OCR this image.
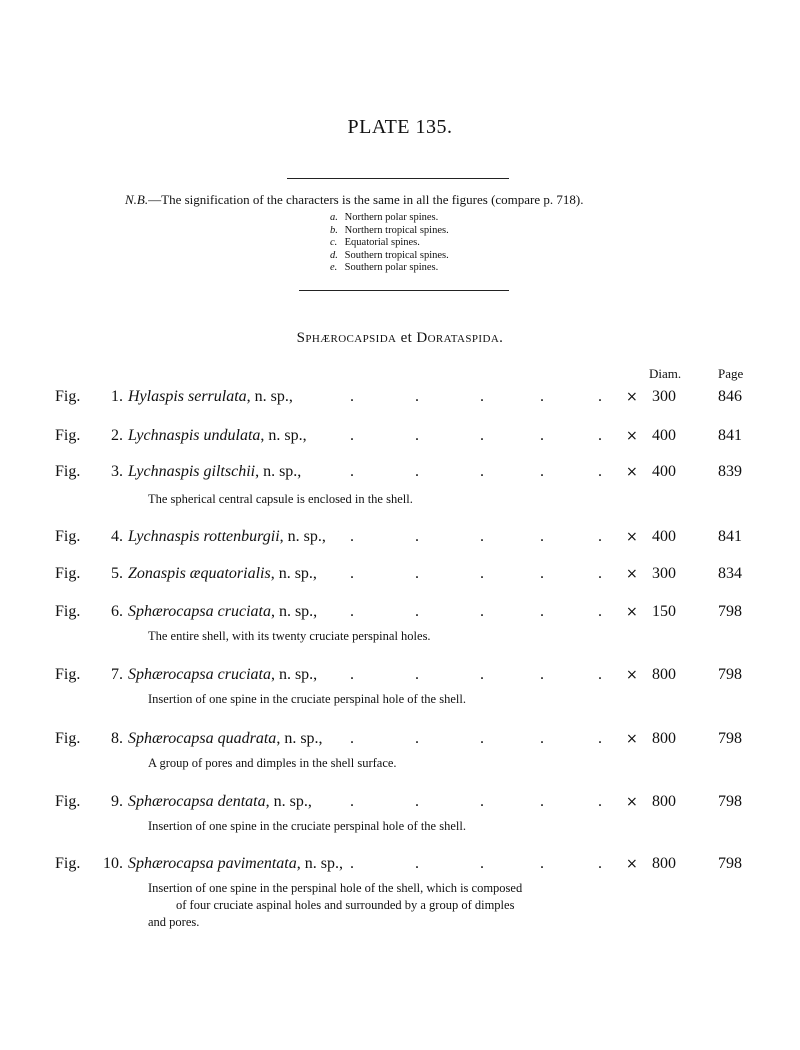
PLATE 135.
N.B.—The signification of the characters is the same in all the figures (compare p. 718).
a. Northern polar spines.
b. Northern tropical spines.
c. Equatorial spines.
d. Southern tropical spines.
e. Southern polar spines.
Sphærocapsida et Dorataspida.
Diam.	Page
Fig.	1. Hylaspis serrulata, n. sp.,	.	.	.	.	. × 300	846
Fig.	2. Lychnaspis undulata, n. sp.,	.	.	.	.	. × 400	841
Fig.	3. Lychnaspis giltschii, n. sp.,	.	.	.	.	. × 400	839
The spherical central capsule is enclosed in the shell.
Fig.	4. Lychnaspis rottenburgii, n. sp., .	.	.	.	. × 400	841
Fig.	5. Zonaspis æquatorialis, n. sp., .	.	.	.	. × 300	834
Fig.	6. Sphærocapsa cruciata, n. sp., .	.	.	.	. × 150	798
The entire shell, with its twenty cruciate perspinal holes.
Fig.	7. Sphærocapsa cruciata, n. sp., .	.	.	.	. × 800	798
Insertion of one spine in the cruciate perspinal hole of the shell.
Fig.	8. Sphærocapsa quadrata, n. sp., .	.	.	.	. × 800	798
A group of pores and dimples in the shell surface.
Fig.	9. Sphærocapsa dentata, n. sp., .	.	.	.	. × 800	798
Insertion of one spine in the cruciate perspinal hole of the shell.
Fig.	10. Sphærocapsa pavimentata, n. sp., .	.	.	.	. × 800	798
Insertion of one spine in the perspinal hole of the shell, which is composed
of four cruciate aspinal holes and surrounded by a group of dimples
and pores.
